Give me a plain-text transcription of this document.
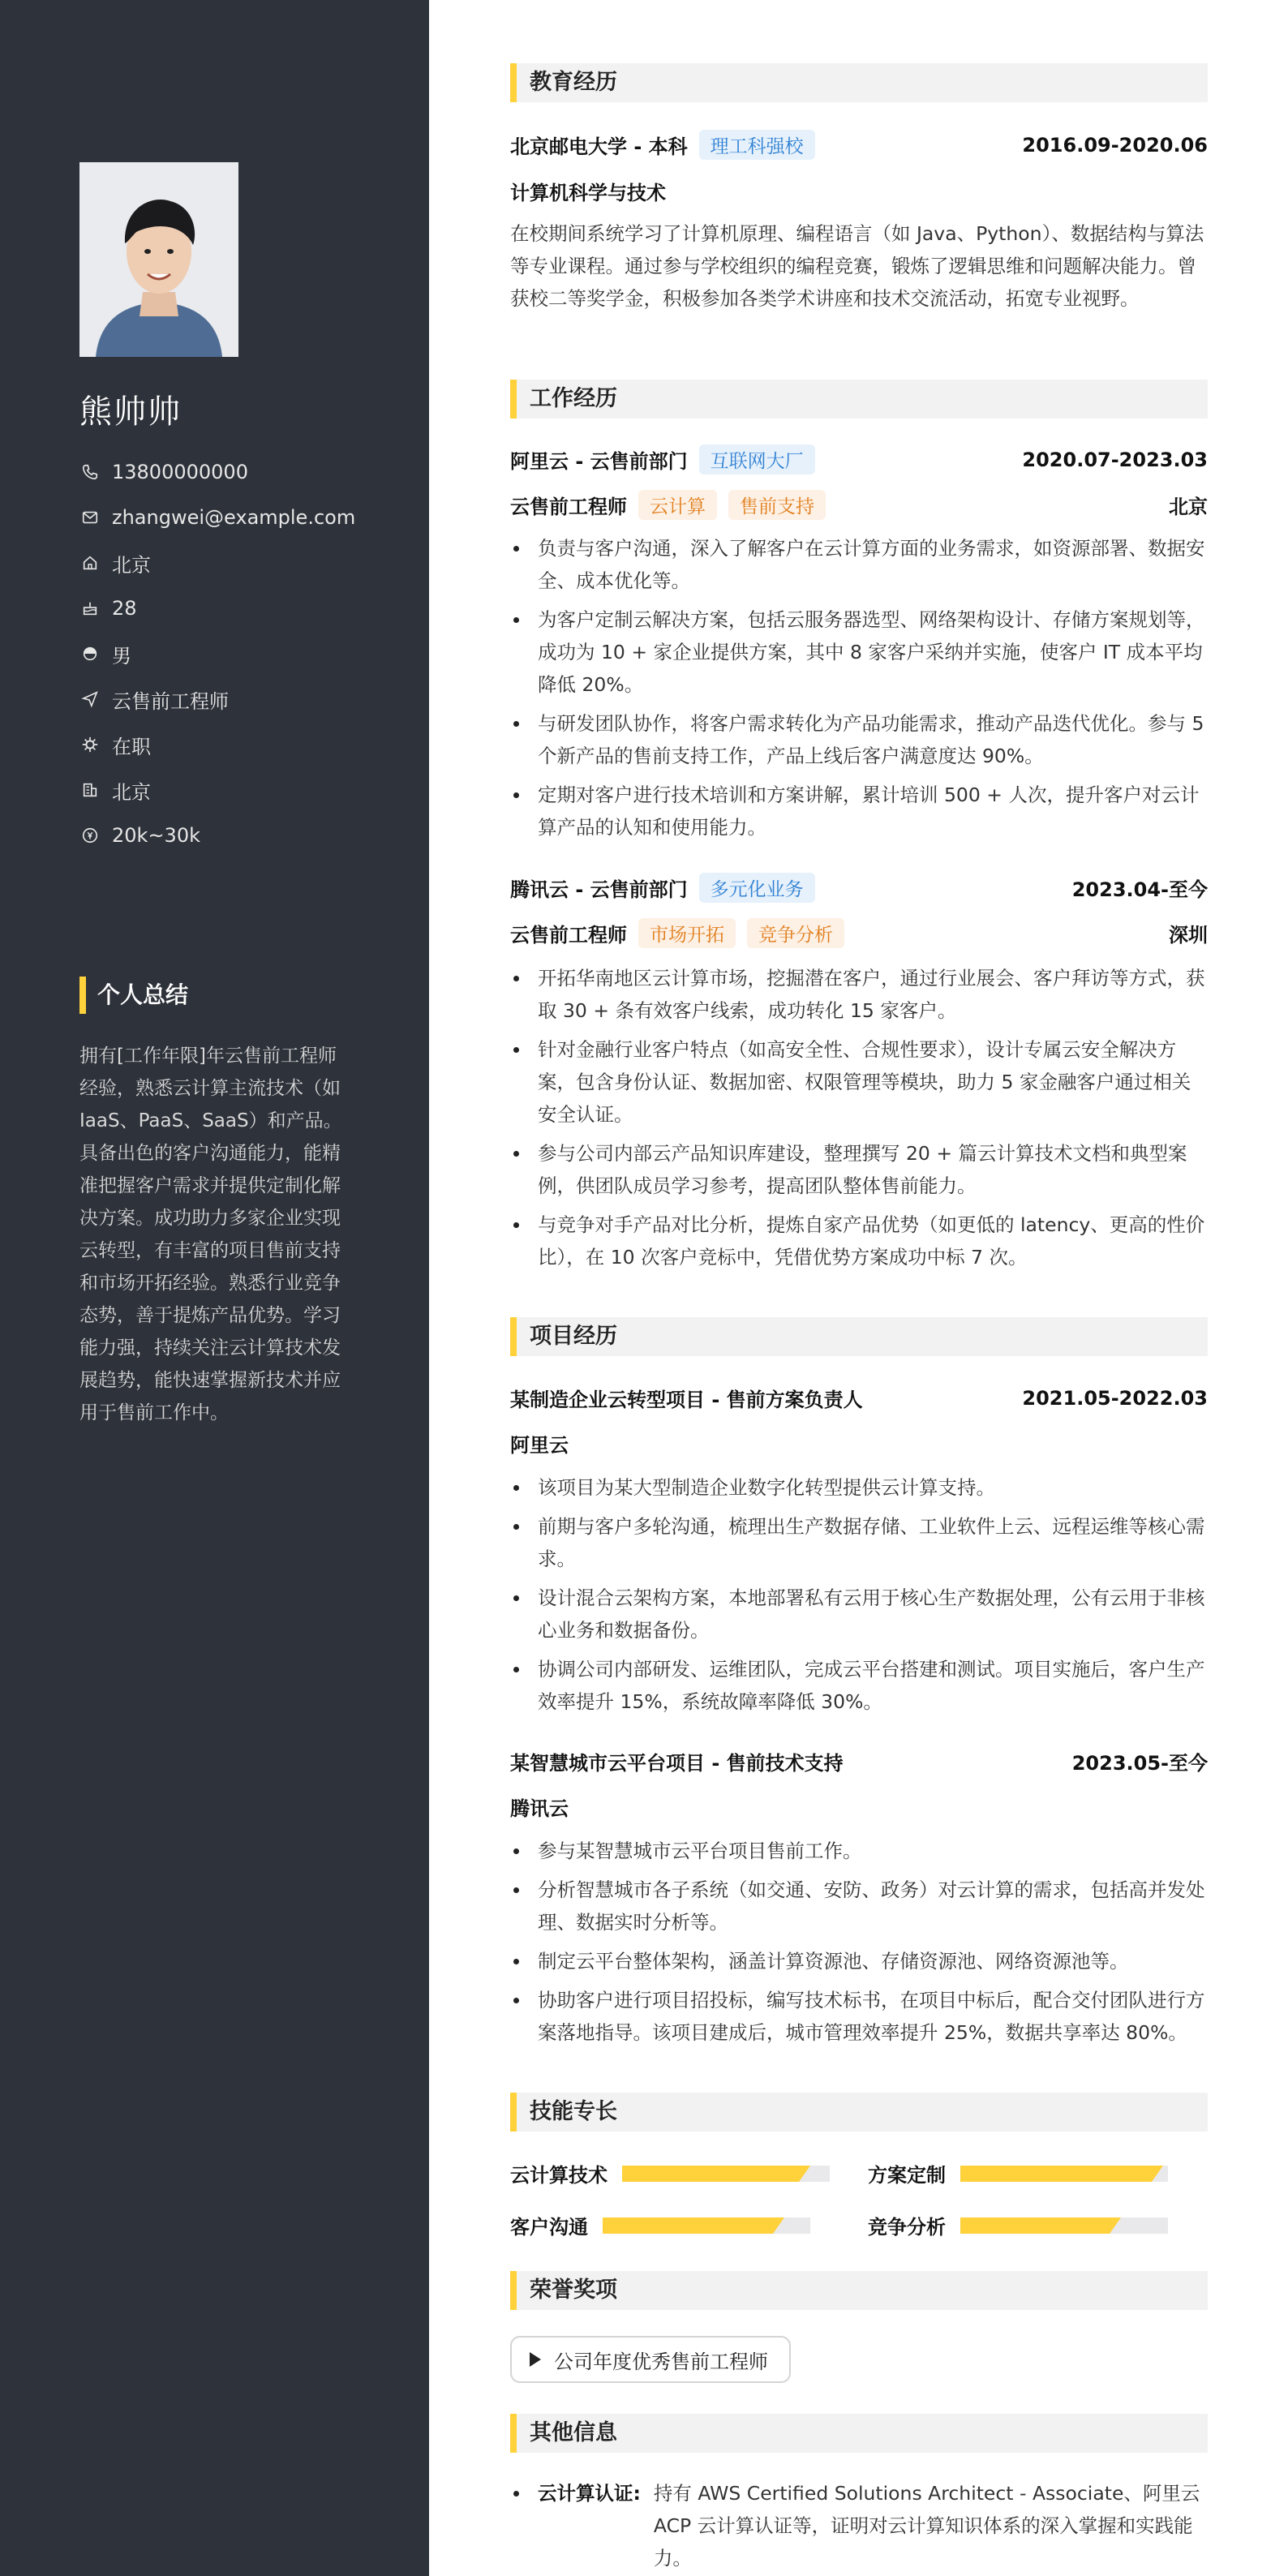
熊帅帅
13800000000
zhangwei@example.com
北京
28
男
云售前工程师
在职
北京
20k~30k
个人总结
拥有[工作年限]年云售前工程师经验，熟悉云计算主流技术（如 IaaS、PaaS、SaaS）和产品。具备出色的客户沟通能力，能精准把握客户需求并提供定制化解决方案。成功助力多家企业实现云转型，有丰富的项目售前支持和市场开拓经验。熟悉行业竞争态势，善于提炼产品优势。学习能力强，持续关注云计算技术发展趋势，能快速掌握新技术并应用于售前工作中。
教育经历
北京邮电大学 - 本科	理工科强校	2016.09-2020.06
计算机科学与技术
在校期间系统学习了计算机原理、编程语言（如 Java、Python）、数据结构与算法等专业课程。通过参与学校组织的编程竞赛，锻炼了逻辑思维和问题解决能力。曾获校二等奖学金，积极参加各类学术讲座和技术交流活动，拓宽专业视野。
工作经历
阿里云 - 云售前部门	互联网大厂	2020.07-2023.03
云售前工程师	云计算	售前支持	北京
负责与客户沟通，深入了解客户在云计算方面的业务需求，如资源部署、数据安全、成本优化等。
为客户定制云解决方案，包括云服务器选型、网络架构设计、存储方案规划等，成功为 10 + 家企业提供方案，其中 8 家客户采纳并实施，使客户 IT 成本平均降低 20%。
与研发团队协作，将客户需求转化为产品功能需求，推动产品迭代优化。参与 5 个新产品的售前支持工作，产品上线后客户满意度达 90%。
定期对客户进行技术培训和方案讲解，累计培训 500 + 人次，提升客户对云计算产品的认知和使用能力。
腾讯云 - 云售前部门	多元化业务	2023.04-至今
云售前工程师	市场开拓	竞争分析	深圳
开拓华南地区云计算市场，挖掘潜在客户，通过行业展会、客户拜访等方式，获取 30 + 条有效客户线索，成功转化 15 家客户。
针对金融行业客户特点（如高安全性、合规性要求），设计专属云安全解决方案，包含身份认证、数据加密、权限管理等模块，助力 5 家金融客户通过相关安全认证。
参与公司内部云产品知识库建设，整理撰写 20 + 篇云计算技术文档和典型案例，供团队成员学习参考，提高团队整体售前能力。
与竞争对手产品对比分析，提炼自家产品优势（如更低的 latency、更高的性价比），在 10 次客户竞标中，凭借优势方案成功中标 7 次。
项目经历
某制造企业云转型项目 - 售前方案负责人	2021.05-2022.03
阿里云
该项目为某大型制造企业数字化转型提供云计算支持。
前期与客户多轮沟通，梳理出生产数据存储、工业软件上云、远程运维等核心需求。
设计混合云架构方案，本地部署私有云用于核心生产数据处理，公有云用于非核心业务和数据备份。
协调公司内部研发、运维团队，完成云平台搭建和测试。项目实施后，客户生产效率提升 15%，系统故障率降低 30%。
某智慧城市云平台项目 - 售前技术支持	2023.05-至今
腾讯云
参与某智慧城市云平台项目售前工作。
分析智慧城市各子系统（如交通、安防、政务）对云计算的需求，包括高并发处理、数据实时分析等。
制定云平台整体架构，涵盖计算资源池、存储资源池、网络资源池等。
协助客户进行项目招投标，编写技术标书，在项目中标后，配合交付团队进行方案落地指导。该项目建成后，城市管理效率提升 25%，数据共享率达 80%。
技能专长
云计算技术	方案定制
客户沟通	竞争分析
荣誉奖项
公司年度优秀售前工程师
其他信息
云计算认证: 持有 AWS Certified Solutions Architect - Associate、阿里云 ACP 云计算认证等，证明对云计算知识体系的深入掌握和实践能力。
